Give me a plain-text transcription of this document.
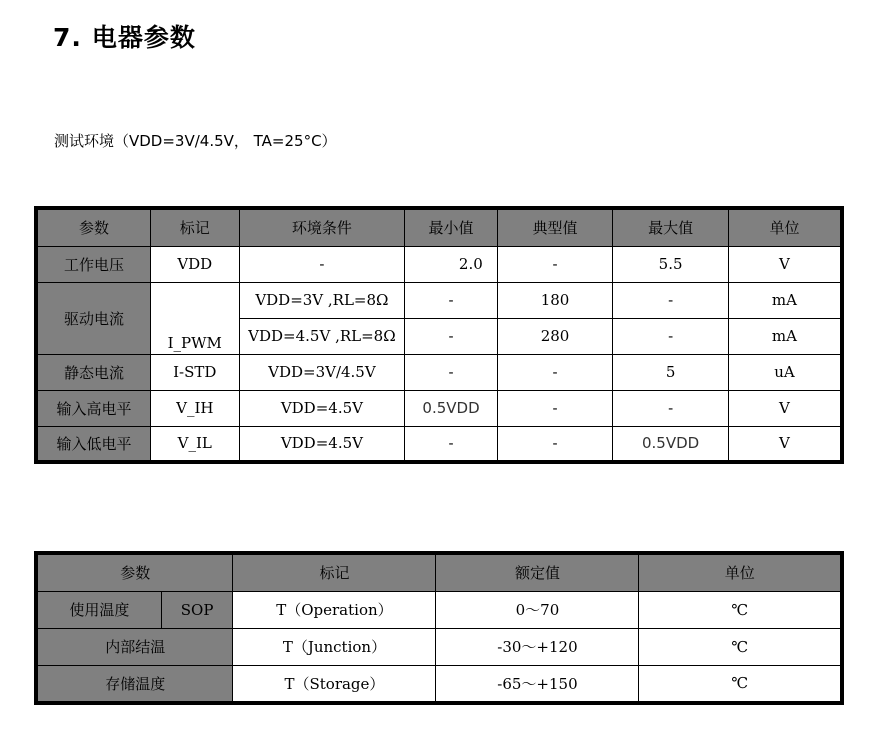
7. 电器参数
测试环境（VDD=3V/4.5V， TA=25°C）
参数	标记	环境条件	最小值	典型值	最大值	单位
工作电压	VDD	-	2.0	-	5.5	V
驱动电流	I_PWM	VDD=3V ,RL=8Ω	-	180	-	mA
		VDD=4.5V ,RL=8Ω	-	280	-	mA
静态电流	I-STD	VDD=3V/4.5V	-	-	5	uA
输入高电平	V_IH	VDD=4.5V	0.5VDD	-	-	V
输入低电平	V_IL	VDD=4.5V	-	-	0.5VDD	V
参数		标记	额定值	单位
使用温度	SOP	T（Operation）	0～70	℃
内部结温		T（Junction）	-30～+120	℃
存储温度		T（Storage）	-65～+150	℃
